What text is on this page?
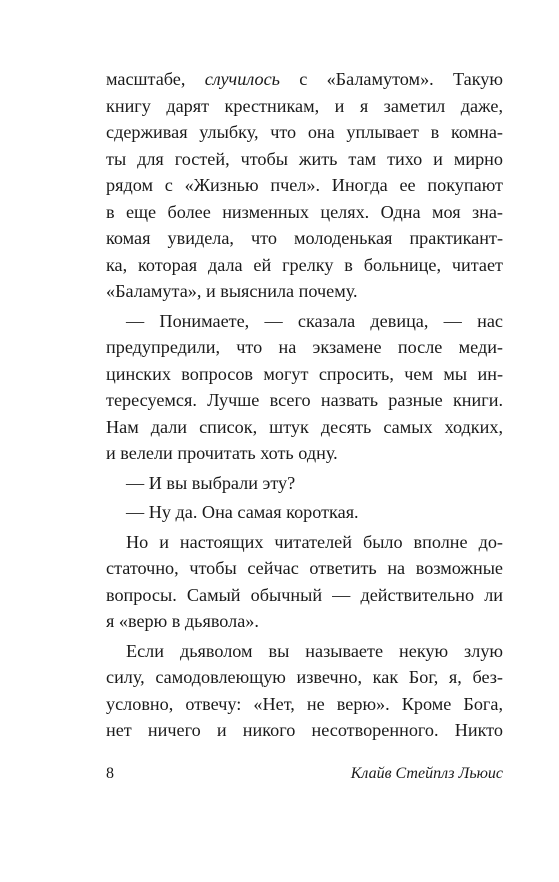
масштабе, случилось с «Баламутом». Такую
книгу дарят крестникам, и я заметил даже,
сдерживая улыбку, что она уплывает в комна-
ты для гостей, чтобы жить там тихо и мирно
рядом с «Жизнью пчел». Иногда ее покупают
в еще более низменных целях. Одна моя зна-
комая увидела, что молоденькая практикант-
ка, которая дала ей грелку в больнице, читает
«Баламута», и выяснила почему.
— Понимаете, — сказала девица, — нас
предупредили, что на экзамене после меди-
цинских вопросов могут спросить, чем мы ин-
тересуемся. Лучше всего назвать разные книги.
Нам дали список, штук десять самых ходких,
и велели прочитать хоть одну.
— И вы выбрали эту?
— Ну да. Она самая короткая.
Но и настоящих читателей было вполне до-
статочно, чтобы сейчас ответить на возможные
вопросы. Самый обычный — действительно ли
я «верю в дьявола».
Если дьяволом вы называете некую злую
силу, самодовлеющую извечно, как Бог, я, без-
условно, отвечу: «Нет, не верю». Кроме Бога,
нет ничего и никого несотворенного. Никто
8	Клайв Стейплз Льюис
